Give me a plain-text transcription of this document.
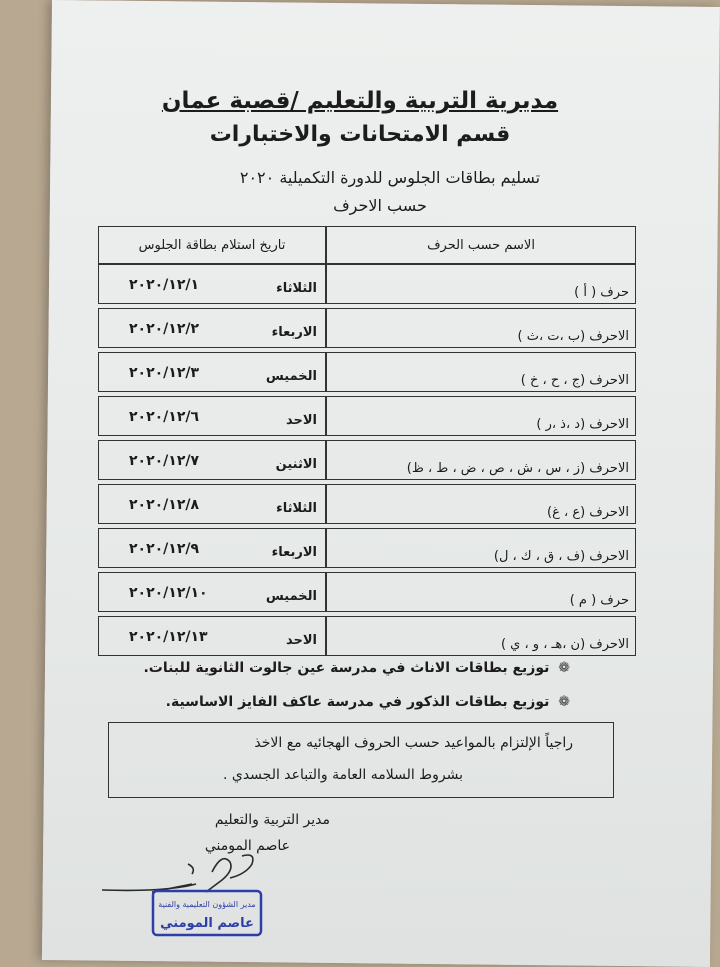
مديرية التربية والتعليم /قصبة عمان
قسم الامتحانات والاختبارات
تسليم بطاقات الجلوس للدورة التكميلية ٢٠٢٠
حسب الاحرف
الاسم حسب الحرف
تاريخ استلام بطاقة الجلوس
حرف ( أ )
الثلاثاء
٢٠٢٠/١٢/١
الاحرف (ب ،ت ،ث )
الاربعاء
٢٠٢٠/١٢/٢
الاحرف (ج ، ح ، خ )
الخميس
٢٠٢٠/١٢/٣
الاحرف (د ،ذ ،ر )
الاحد
٢٠٢٠/١٢/٦
الاحرف (ز ، س ، ش ، ص ، ض ، ط ، ظ)
الاثنين
٢٠٢٠/١٢/٧
الاحرف (ع ، غ)
الثلاثاء
٢٠٢٠/١٢/٨
الاحرف (ف ، ق ، ك ، ل)
الاربعاء
٢٠٢٠/١٢/٩
حرف ( م )
الخميس
٢٠٢٠/١٢/١٠
الاحرف (ن ،هـ ، و ، ي )
الاحد
٢٠٢٠/١٢/١٣
❁ توزيع بطاقات الاناث في مدرسة عين جالوت الثانوية للبنات.
❁ توزيع بطاقات الذكور في مدرسة عاكف الفايز الاساسية.
راجياً الإلتزام بالمواعيد حسب الحروف الهجائيه مع الاخذ
بشروط السلامه العامة والتباعد الجسدي .
مدير التربية والتعليم
عاصم المومني
مدير الشؤون التعليمية والفنية
عاصم المومني
